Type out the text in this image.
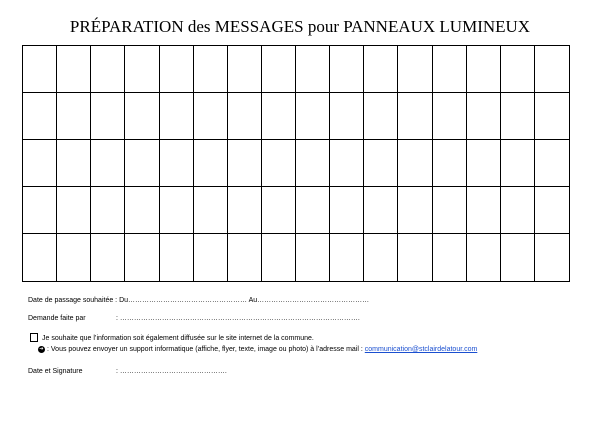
PRÉPARATION des MESSAGES pour PANNEAUX LUMINEUX
Date de passage souhaitée : Du…………………………………………… Au…………………………………………
Demande faite par	: ………………………………………………………………………………………….
Je souhaite que l’information soit également diffusée sur le site internet de la commune.
➔ : Vous pouvez envoyer un support informatique (affiche, flyer, texte, image ou photo) à l’adresse mail : communication@stclairdelatour.com
Date et Signature	: ……………………………………….
